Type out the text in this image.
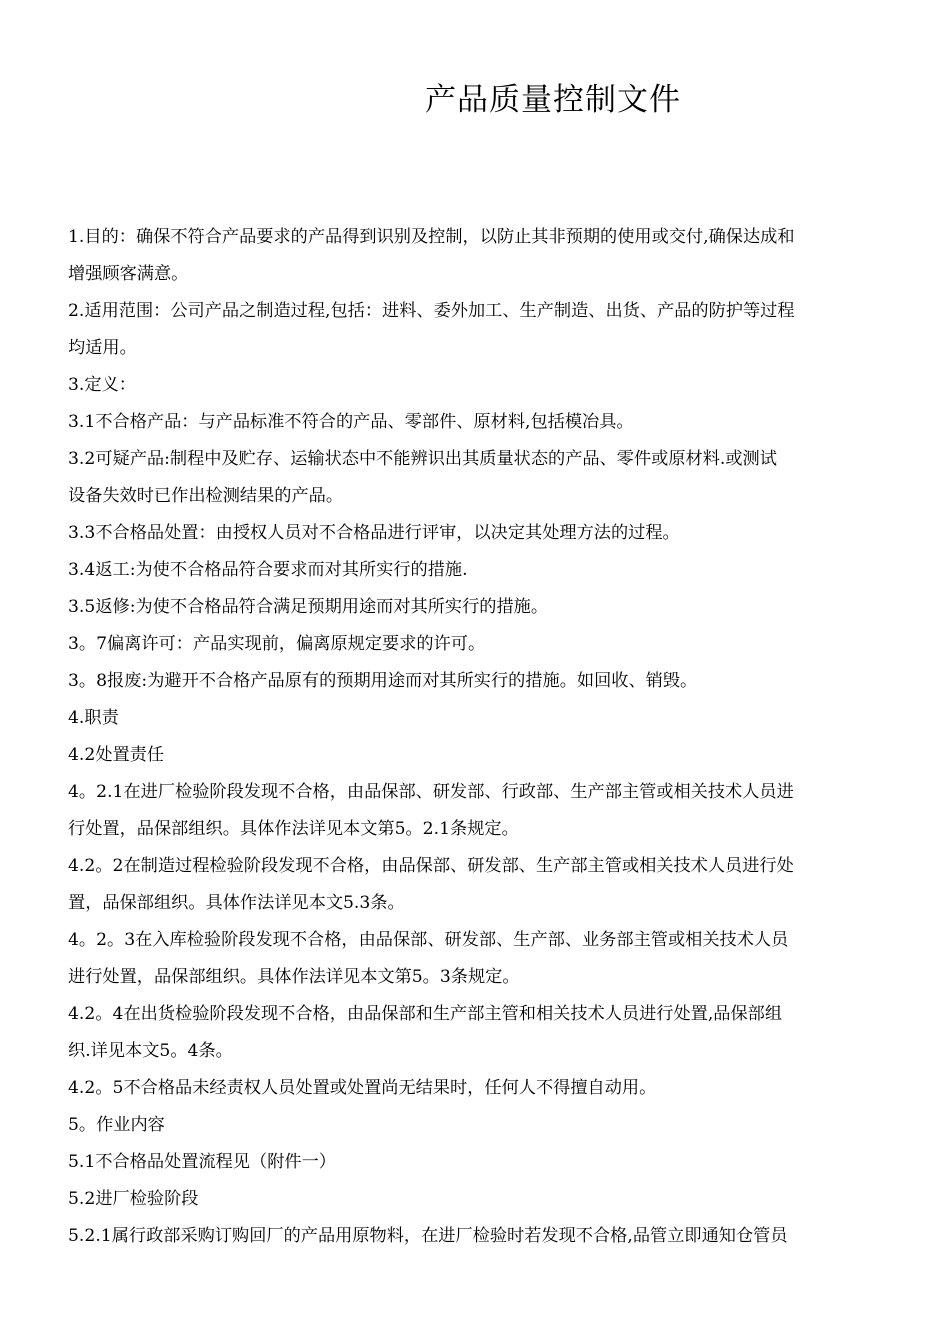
产品质量控制文件
1.目的：确保不符合产品要求的产品得到识别及控制，以防止其非预期的使用或交付,确保达成和
增强顾客满意。
2.适用范围：公司产品之制造过程,包括：进料、委外加工、生产制造、出货、产品的防护等过程
均适用。
3.定义：
3.1不合格产品：与产品标准不符合的产品、零部件、原材料,包括模冶具。
3.2可疑产品:制程中及贮存、运输状态中不能辨识出其质量状态的产品、零件或原材料.或测试
设备失效时已作出检测结果的产品。
3.3不合格品处置：由授权人员对不合格品进行评审，以决定其处理方法的过程。
3.4返工:为使不合格品符合要求而对其所实行的措施.
3.5返修:为使不合格品符合满足预期用途而对其所实行的措施。
3。7偏离许可：产品实现前，偏离原规定要求的许可。
3。8报废:为避开不合格产品原有的预期用途而对其所实行的措施。如回收、销毁。
4.职责
4.2处置责任
4。2.1在进厂检验阶段发现不合格，由品保部、研发部、行政部、生产部主管或相关技术人员进
行处置，品保部组织。具体作法详见本文第5。2.1条规定。
4.2。2在制造过程检验阶段发现不合格，由品保部、研发部、生产部主管或相关技术人员进行处
置，品保部组织。具体作法详见本文5.3条。
4。2。3在入库检验阶段发现不合格，由品保部、研发部、生产部、业务部主管或相关技术人员
进行处置，品保部组织。具体作法详见本文第5。3条规定。
4.2。4在出货检验阶段发现不合格，由品保部和生产部主管和相关技术人员进行处置,品保部组
织.详见本文5。4条。
4.2。5不合格品未经责权人员处置或处置尚无结果时，任何人不得擅自动用。
5。作业内容
5.1不合格品处置流程见（附件一）
5.2进厂检验阶段
5.2.1属行政部采购订购回厂的产品用原物料，在进厂检验时若发现不合格,品管立即通知仓管员
